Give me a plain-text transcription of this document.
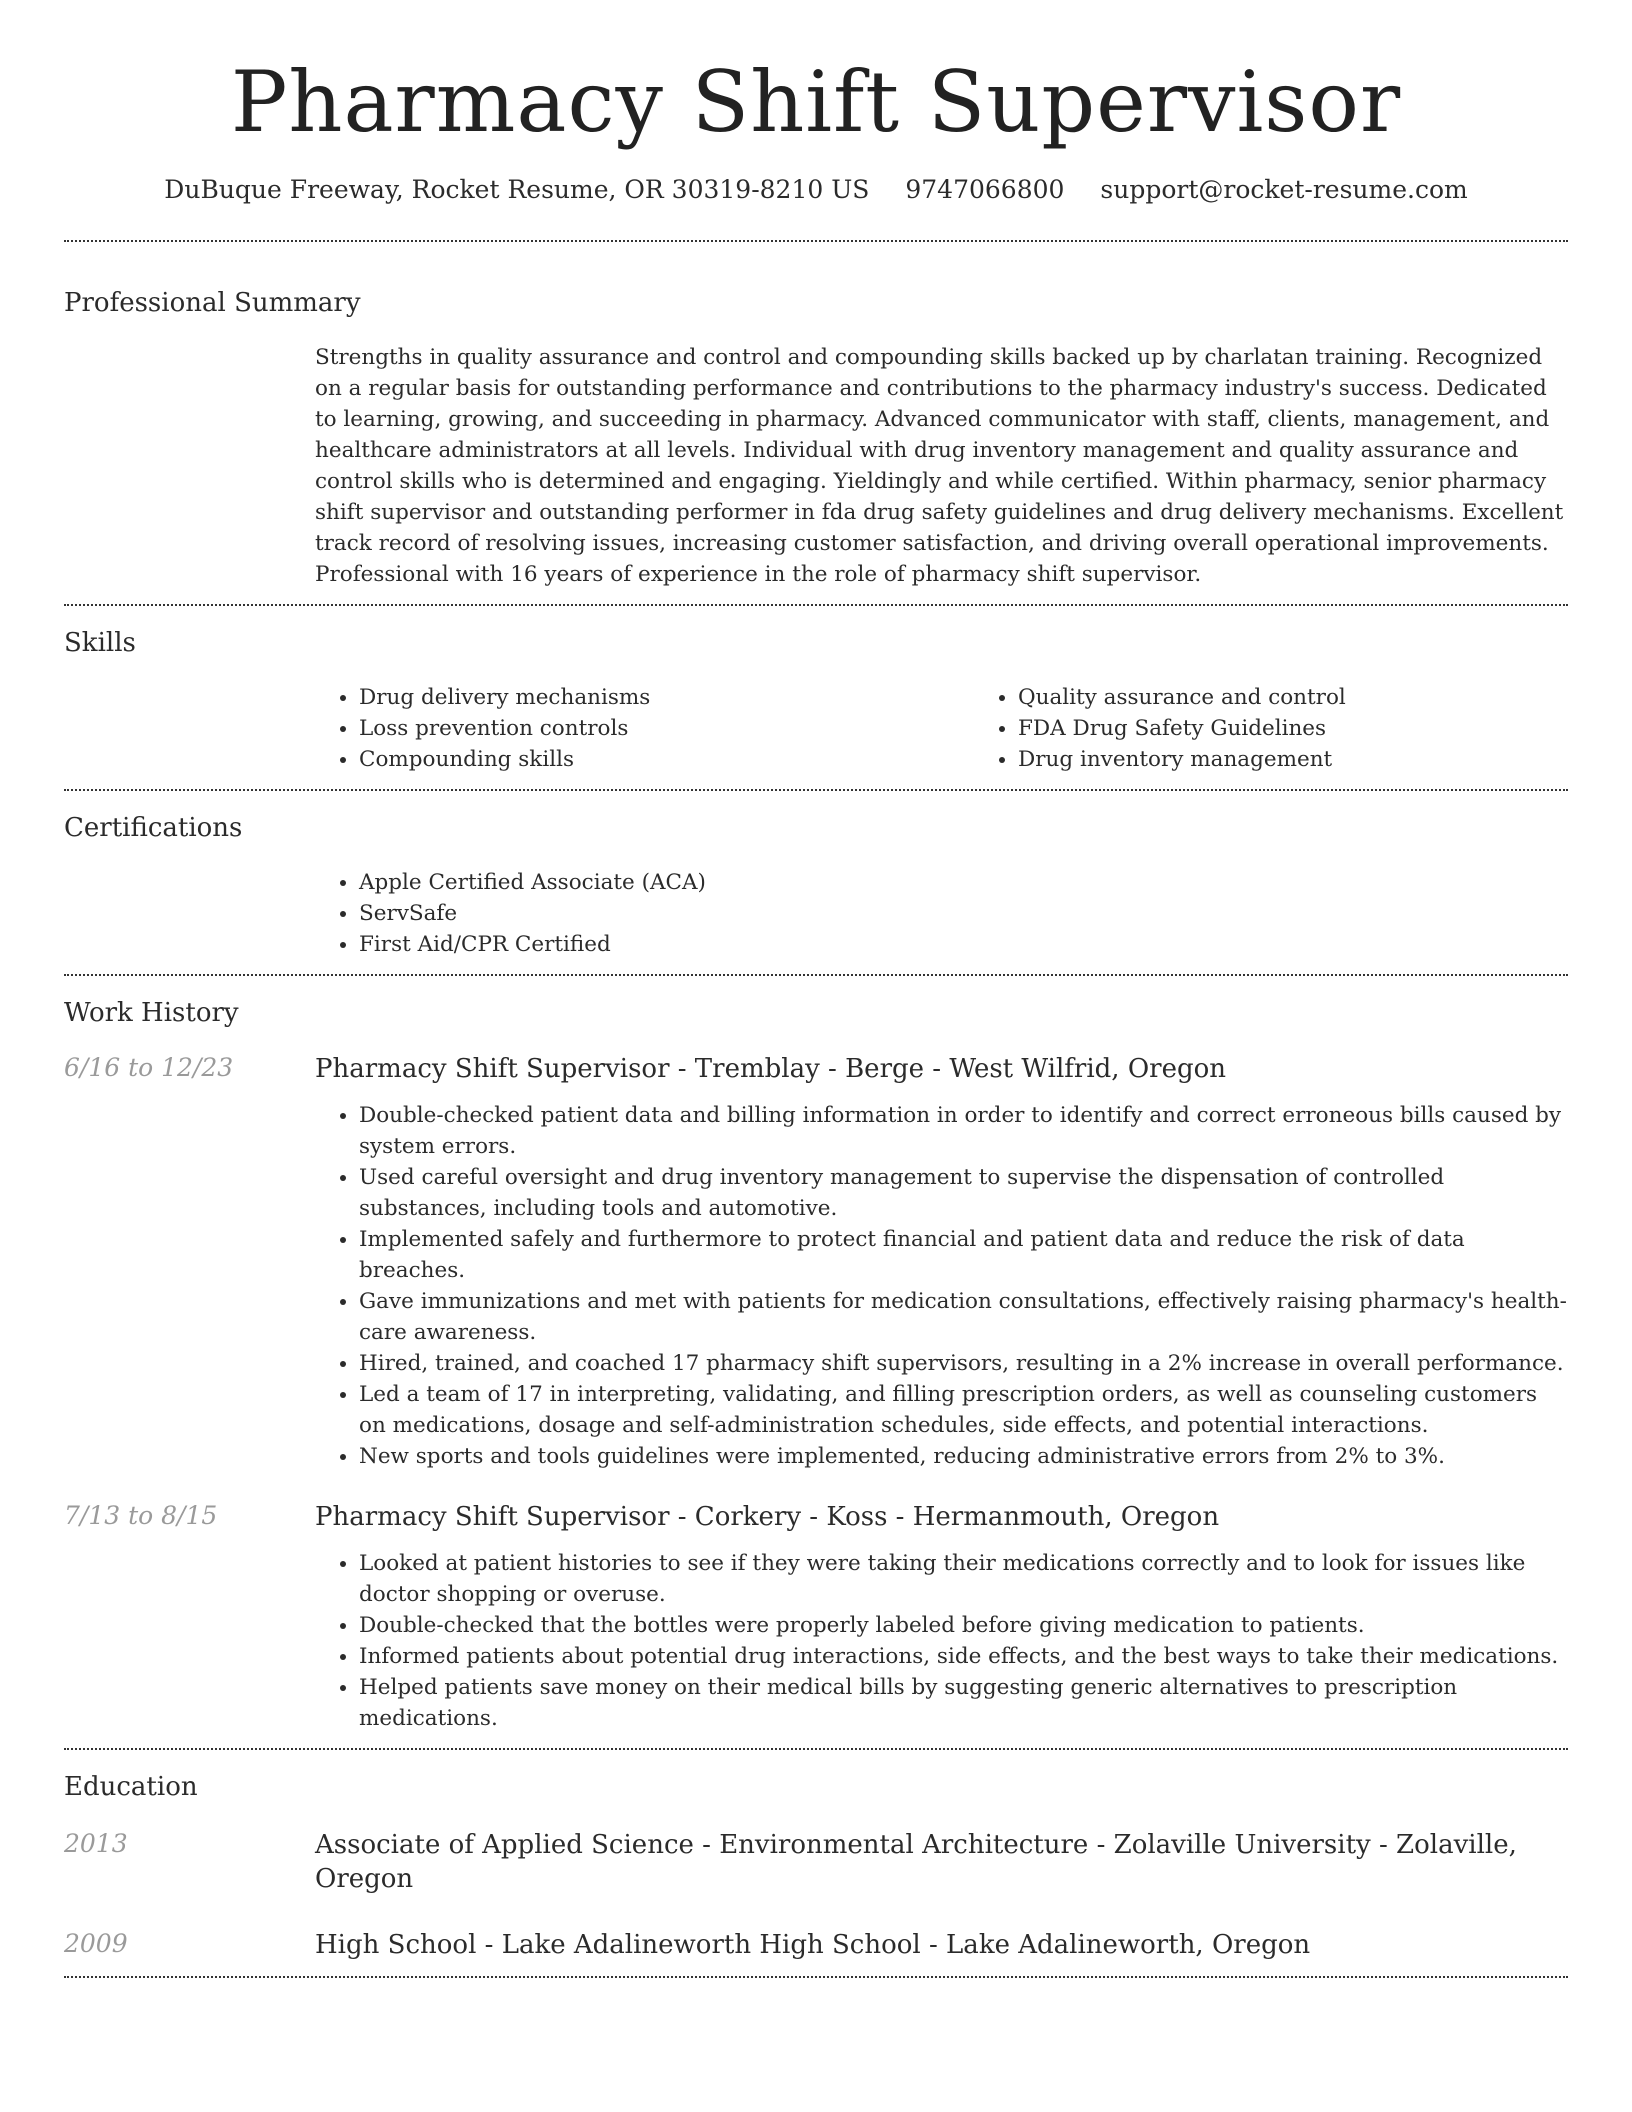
Pharmacy Shift Supervisor
DuBuque Freeway, Rocket Resume, OR 30319-8210 US 9747066800 support@rocket-resume.com
Professional Summary
Strengths in quality assurance and control and compounding skills backed up by charlatan training. Recognized on a regular basis for outstanding performance and contributions to the pharmacy industry's success. Dedicated to learning, growing, and succeeding in pharmacy. Advanced communicator with staff, clients, management, and healthcare administrators at all levels. Individual with drug inventory management and quality assurance and control skills who is determined and engaging. Yieldingly and while certified. Within pharmacy, senior pharmacy shift supervisor and outstanding performer in fda drug safety guidelines and drug delivery mechanisms. Excellent track record of resolving issues, increasing customer satisfaction, and driving overall operational improvements. Professional with 16 years of experience in the role of pharmacy shift supervisor.
Skills
• Drug delivery mechanisms
• Loss prevention controls
• Compounding skills
• Quality assurance and control
• FDA Drug Safety Guidelines
• Drug inventory management
Certifications
• Apple Certified Associate (ACA)
• ServSafe
• First Aid/CPR Certified
Work History
6/16 to 12/23	Pharmacy Shift Supervisor - Tremblay - Berge - West Wilfrid, Oregon
• Double-checked patient data and billing information in order to identify and correct erroneous bills caused by system errors.
• Used careful oversight and drug inventory management to supervise the dispensation of controlled substances, including tools and automotive.
• Implemented safely and furthermore to protect financial and patient data and reduce the risk of data breaches.
• Gave immunizations and met with patients for medication consultations, effectively raising pharmacy's health-care awareness.
• Hired, trained, and coached 17 pharmacy shift supervisors, resulting in a 2% increase in overall performance.
• Led a team of 17 in interpreting, validating, and filling prescription orders, as well as counseling customers on medications, dosage and self-administration schedules, side effects, and potential interactions.
• New sports and tools guidelines were implemented, reducing administrative errors from 2% to 3%.
7/13 to 8/15	Pharmacy Shift Supervisor - Corkery - Koss - Hermanmouth, Oregon
• Looked at patient histories to see if they were taking their medications correctly and to look for issues like doctor shopping or overuse.
• Double-checked that the bottles were properly labeled before giving medication to patients.
• Informed patients about potential drug interactions, side effects, and the best ways to take their medications.
• Helped patients save money on their medical bills by suggesting generic alternatives to prescription medications.
Education
2013	Associate of Applied Science - Environmental Architecture - Zolaville University - Zolaville, Oregon
2009	High School - Lake Adalineworth High School - Lake Adalineworth, Oregon
